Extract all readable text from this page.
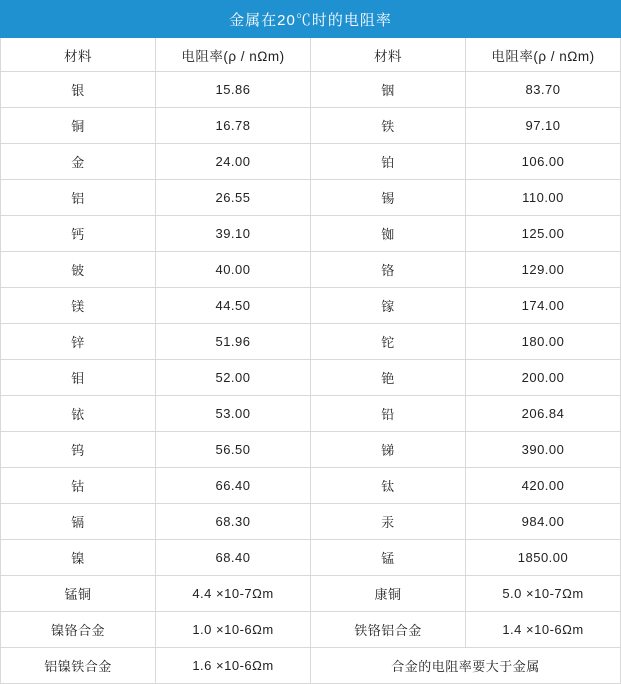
金属在20℃时的电阻率			
材料	电阻率(ρ / nΩm)	材料	电阻率(ρ / nΩm)
银	15.86	铟	83.70
铜	16.78	铁	97.10
金	24.00	铂	106.00
铝	26.55	锡	110.00
钙	39.10	铷	125.00
铍	40.00	铬	129.00
镁	44.50	镓	174.00
锌	51.96	铊	180.00
钼	52.00	铯	200.00
铱	53.00	铅	206.84
钨	56.50	锑	390.00
钴	66.40	钛	420.00
镉	68.30	汞	984.00
镍	68.40	锰	1850.00
锰铜	4.4 ×10-7Ωm	康铜	5.0 ×10-7Ωm
镍铬合金	1.0 ×10-6Ωm	铁铬铝合金	1.4 ×10-6Ωm
铝镍铁合金	1.6 ×10-6Ωm	合金的电阻率要大于金属	
